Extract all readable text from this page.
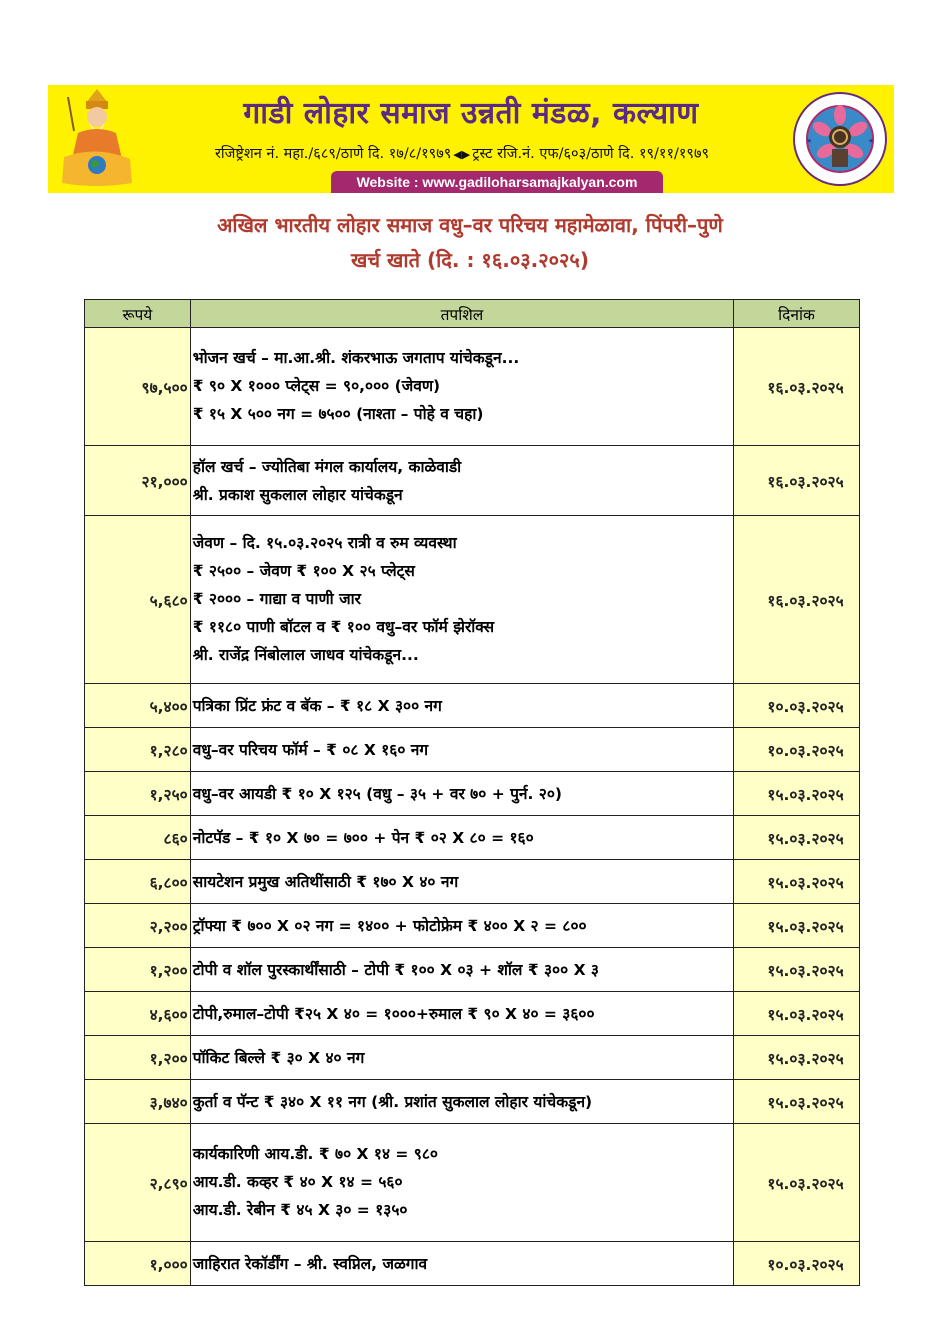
गाडी लोहार समाज उन्नती मंडळ, कल्याण
रजिष्ट्रेशन नं. महा./६८९/ठाणे दि. १७/८/१९७९ ◀▶ ट्रस्ट रजि.नं. एफ/६०३/ठाणे दि. १९/११/१९७९
Website : www.gadiloharsamajkalyan.com
★	★
अखिल भारतीय लोहार समाज वधु–वर परिचय महामेळावा, पिंपरी–पुणे
खर्च खाते (दि. : १६.०३.२०२५)
रूपये	तपशिल	दिनांक
९७,५००	भोजन खर्च – मा.आ.श्री. शंकरभाऊ जगताप यांचेकडून...
₹ ९० X १००० प्लेट्स = ९०,००० (जेवण)
₹ १५ X ५०० नग = ७५०० (नाश्ता – पोहे व चहा)	१६.०३.२०२५
२१,०००	हॉल खर्च – ज्योतिबा मंगल कार्यालय, काळेवाडी
श्री. प्रकाश सुकलाल लोहार यांचेकडून	१६.०३.२०२५
५,६८०	जेवण – दि. १५.०३.२०२५ रात्री व रुम व्यवस्था
₹ २५०० – जेवण ₹ १०० X २५ प्लेट्स
₹ २००० – गाद्या व पाणी जार
₹ ११८० पाणी बॉटल व ₹ १०० वधु–वर फॉर्म झेरॉक्स
श्री. राजेंद्र निंबोलाल जाधव यांचेकडून...	१६.०३.२०२५
५,४००	पत्रिका प्रिंट फ्रंट व बॅक – ₹ १८ X ३०० नग	१०.०३.२०२५
१,२८०	वधु–वर परिचय फॉर्म – ₹ ०८ X १६० नग	१०.०३.२०२५
१,२५०	वधु–वर आयडी ₹ १० X १२५ (वधु – ३५ + वर ७० + पुर्न. २०)	१५.०३.२०२५
८६०	नोटपॅड – ₹ १० X ७० = ७०० + पेन ₹ ०२ X ८० = १६०	१५.०३.२०२५
६,८००	सायटेशन प्रमुख अतिथींसाठी ₹ १७० X ४० नग	१५.०३.२०२५
२,२००	ट्रॉफ्या ₹ ७०० X ०२ नग = १४०० + फोटोफ्रेम ₹ ४०० X २ = ८००	१५.०३.२०२५
१,२००	टोपी व शॉल पुरस्कार्थींसाठी – टोपी ₹ १०० X ०३ + शॉल ₹ ३०० X ३	१५.०३.२०२५
४,६००	टोपी,रुमाल–टोपी ₹२५ X ४० = १०००+रुमाल ₹ ९० X ४० = ३६००	१५.०३.२०२५
१,२००	पॉकिट बिल्ले ₹ ३० X ४० नग	१५.०३.२०२५
३,७४०	कुर्ता व पॅन्ट ₹ ३४० X ११ नग (श्री. प्रशांत सुकलाल लोहार यांचेकडून)	१५.०३.२०२५
२,८९०	कार्यकारिणी आय.डी. ₹ ७० X १४ = ९८०
आय.डी. कव्हर ₹ ४० X १४ = ५६०
आय.डी. रेबीन ₹ ४५ X ३० = १३५०	१५.०३.२०२५
१,०००	जाहिरात रेकॉर्डींग – श्री. स्वप्निल, जळगाव	१०.०३.२०२५
